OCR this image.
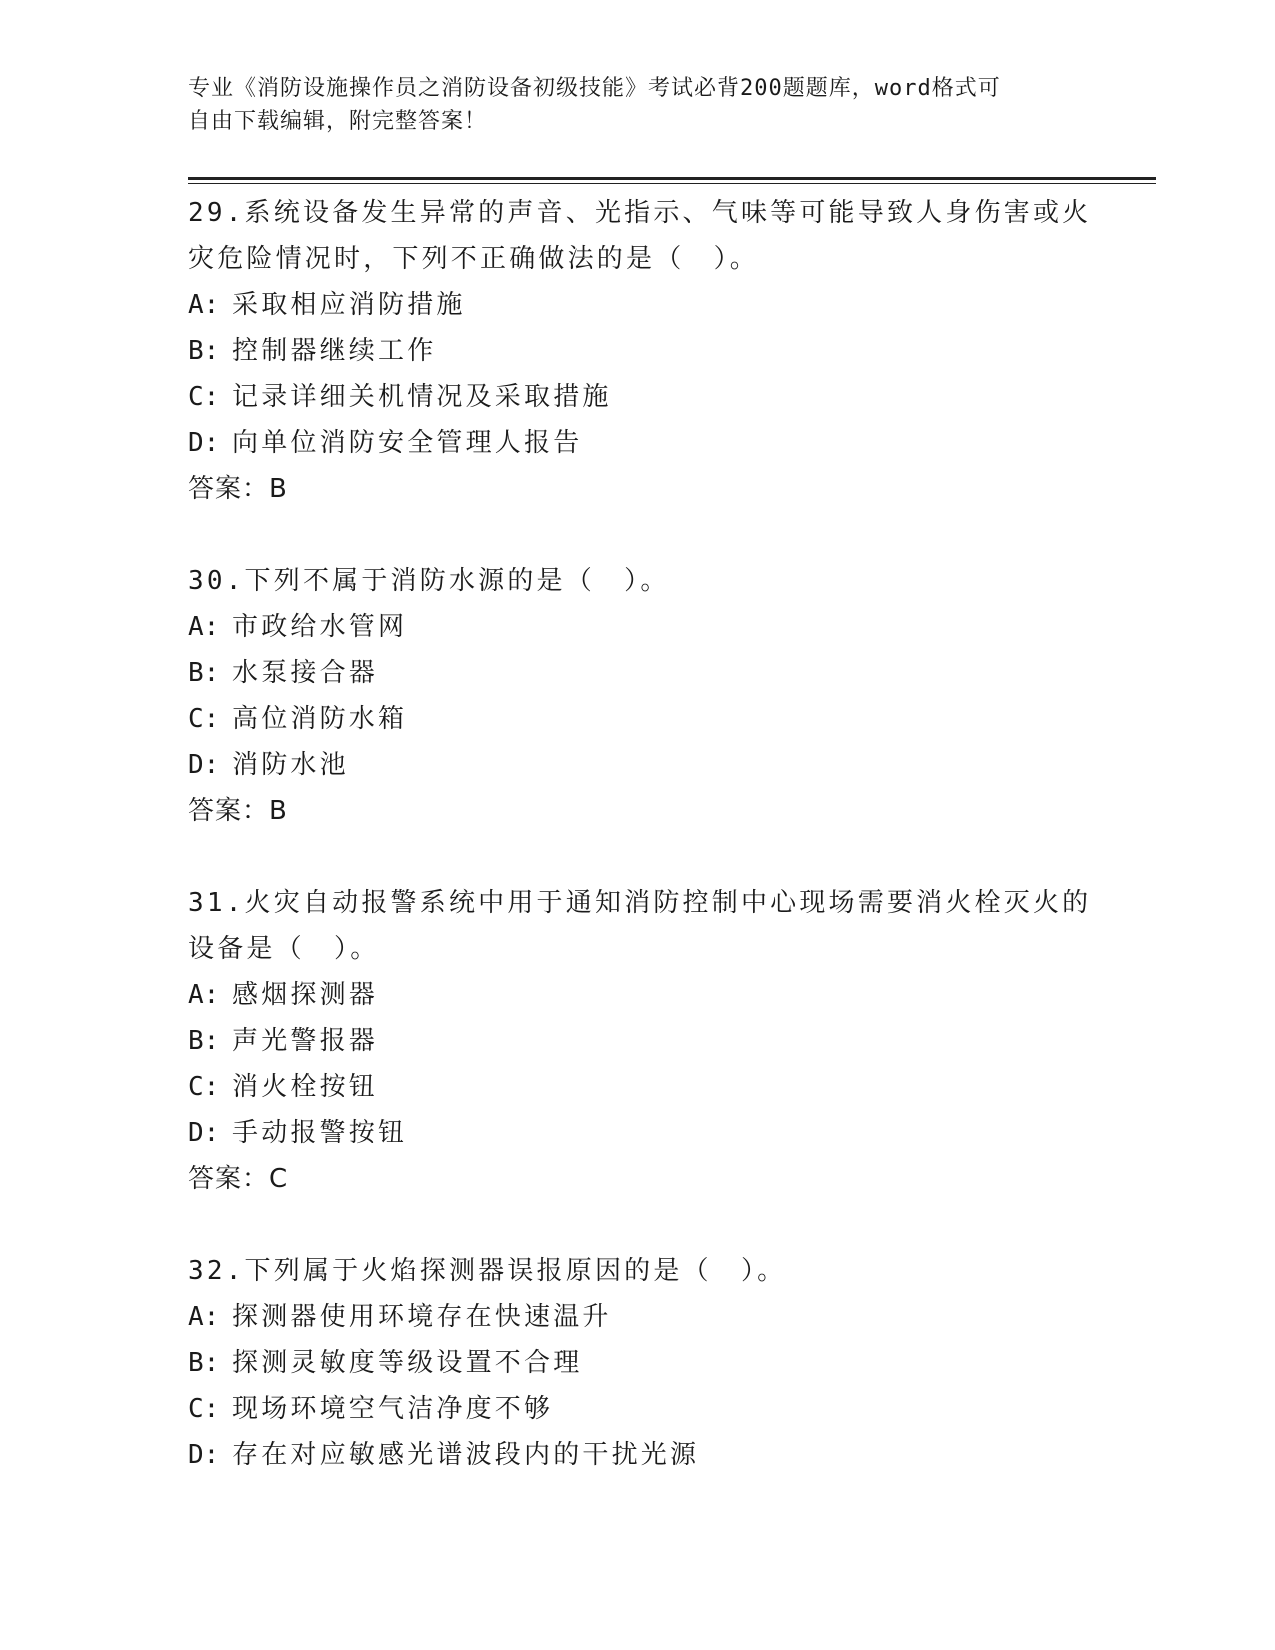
专业《消防设施操作员之消防设备初级技能》考试必背200题题库，word格式可
自由下载编辑，附完整答案！
29.系统设备发生异常的声音、光指示、气味等可能导致人身伤害或火灾危险情况时，下列不正确做法的是（　）。
A: 采取相应消防措施
B: 控制器继续工作
C: 记录详细关机情况及采取措施
D: 向单位消防安全管理人报告
答案：B
30.下列不属于消防水源的是（　）。
A: 市政给水管网
B: 水泵接合器
C: 高位消防水箱
D: 消防水池
答案：B
31.火灾自动报警系统中用于通知消防控制中心现场需要消火栓灭火的设备是（　）。
A: 感烟探测器
B: 声光警报器
C: 消火栓按钮
D: 手动报警按钮
答案：C
32.下列属于火焰探测器误报原因的是（　）。
A: 探测器使用环境存在快速温升
B: 探测灵敏度等级设置不合理
C: 现场环境空气洁净度不够
D: 存在对应敏感光谱波段内的干扰光源
